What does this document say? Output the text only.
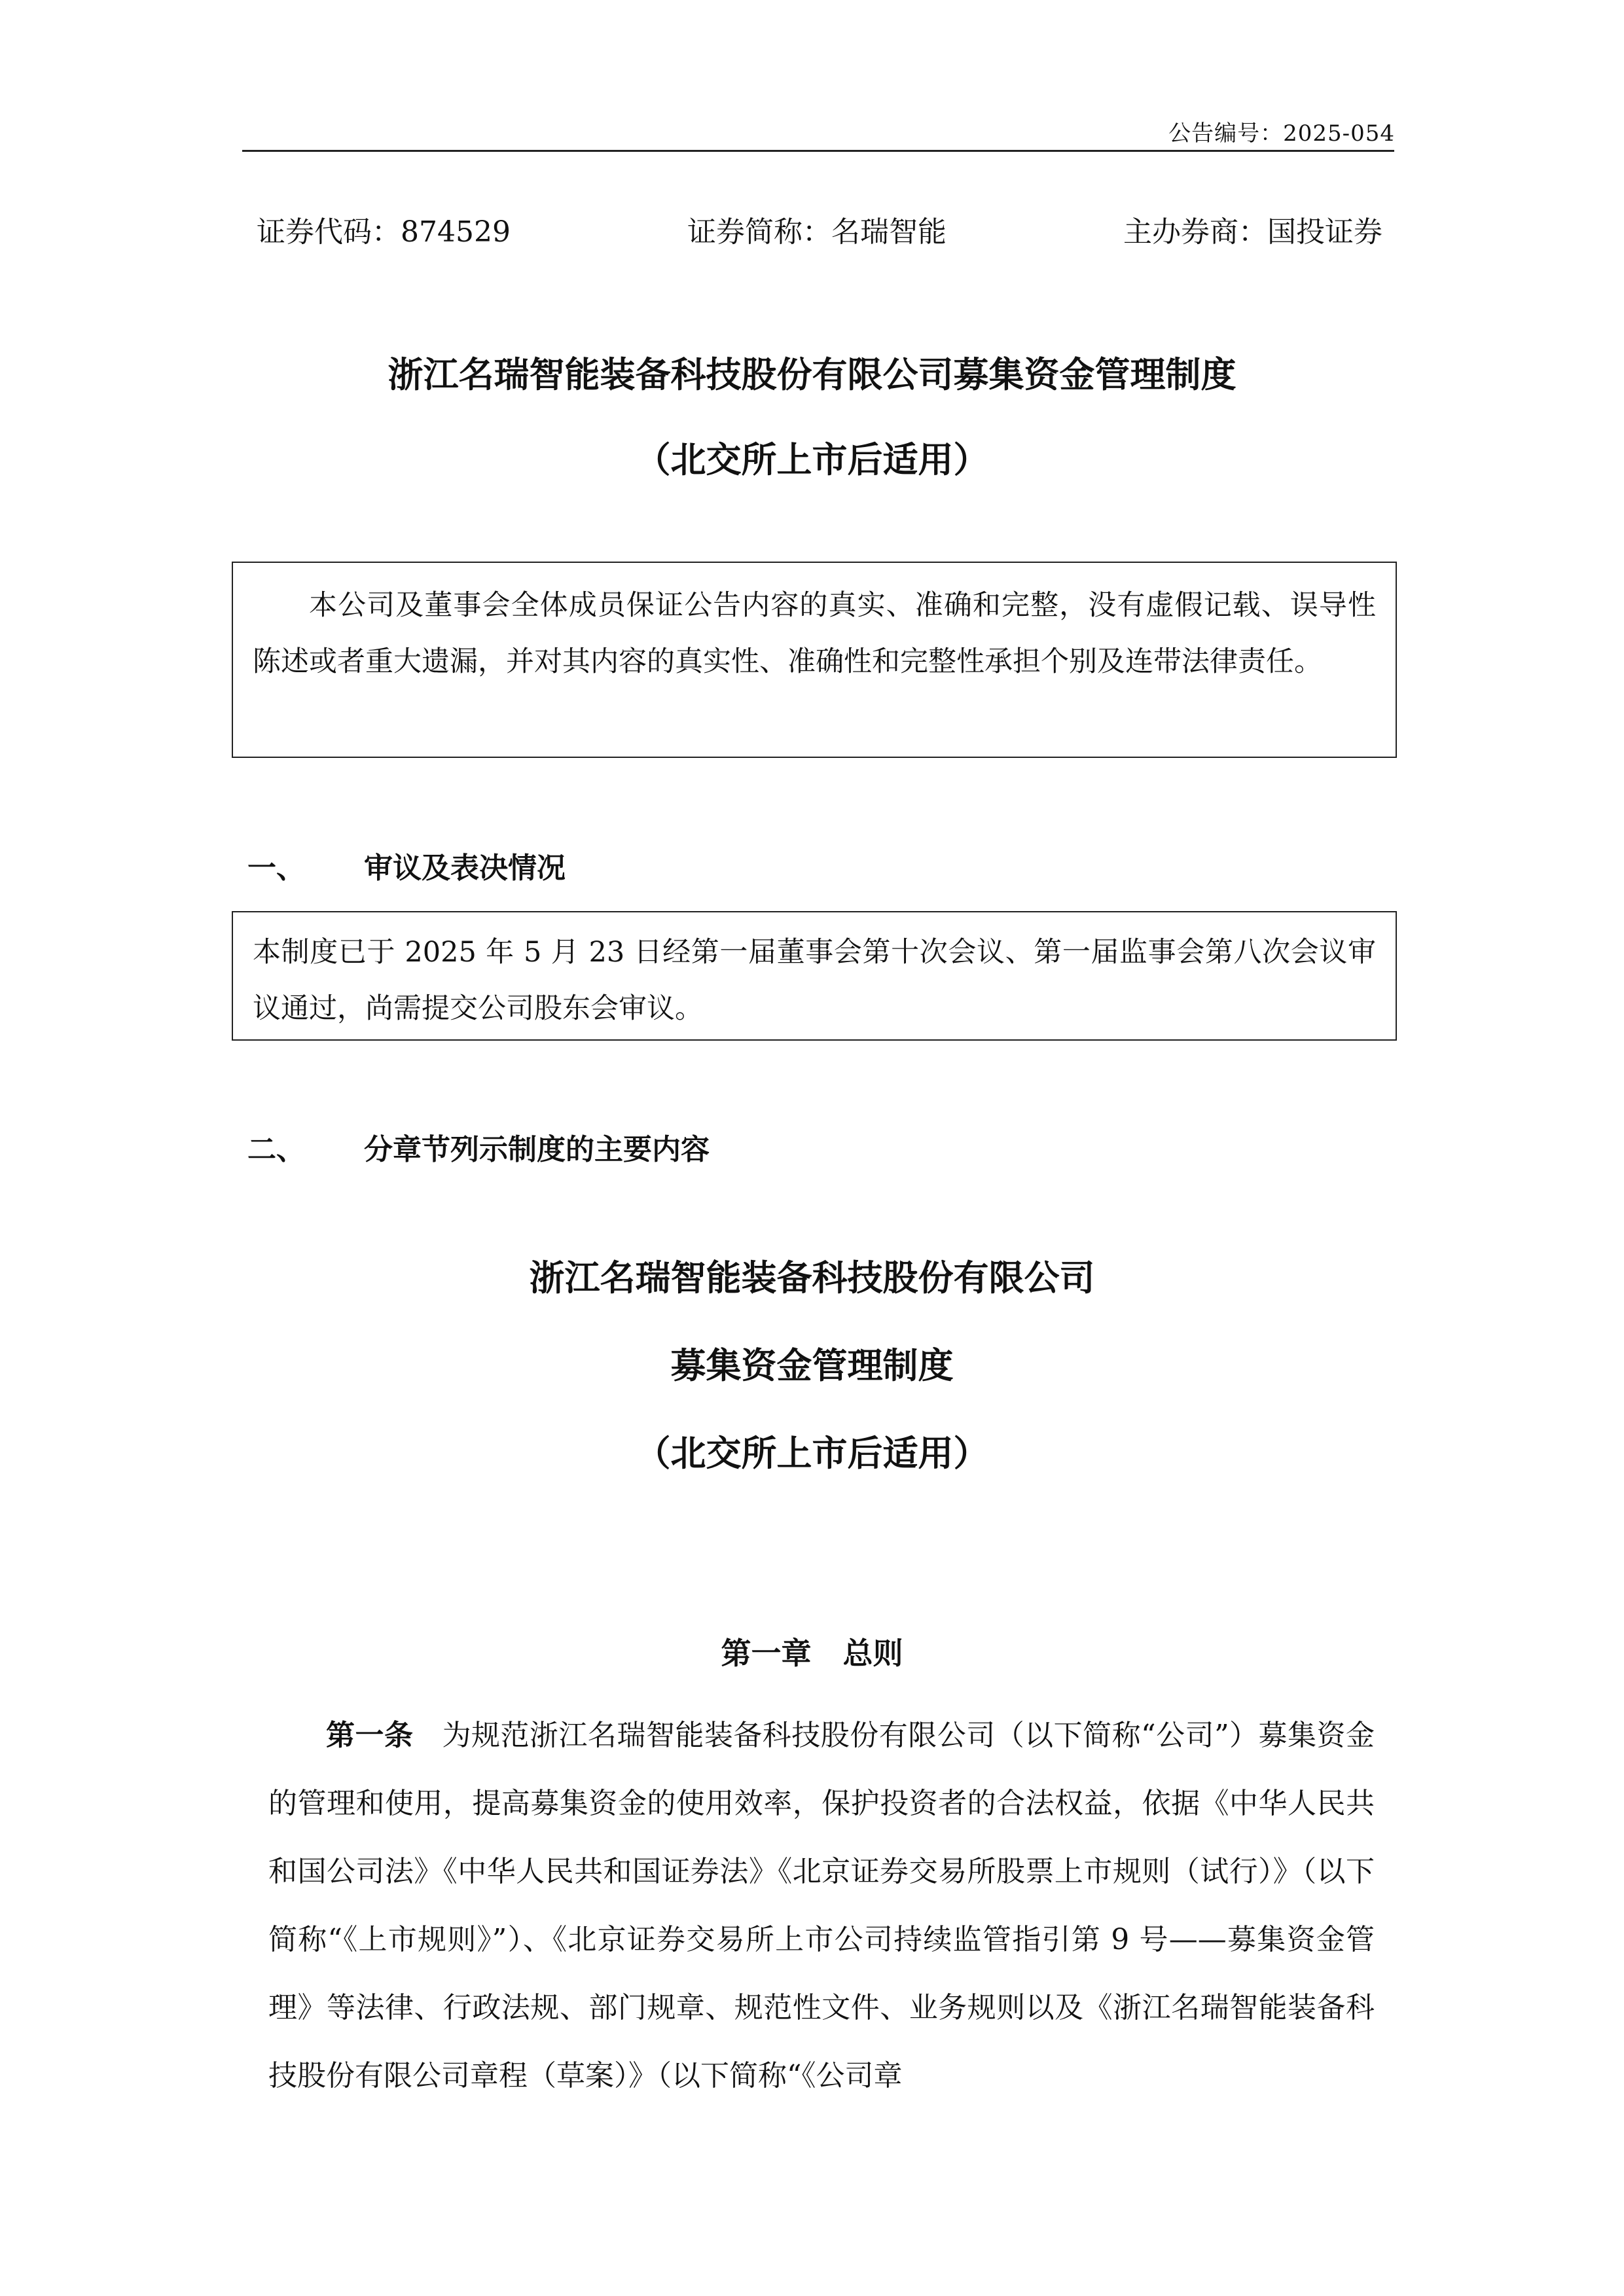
公告编号：2025-054
证券代码：874529	证券简称：名瑞智能	主办券商：国投证券
浙江名瑞智能装备科技股份有限公司募集资金管理制度
（北交所上市后适用）

本公司及董事会全体成员保证公告内容的真实、准确和完整，没有虚假记载、误导性陈述或者重大遗漏，并对其内容的真实性、准确性和完整性承担个别及连带法律责任。

一、 审议及表决情况

本制度已于 2025 年 5 月 23 日经第一届董事会第十次会议、第一届监事会第八次会议审议通过，尚需提交公司股东会审议。

二、 分章节列示制度的主要内容
浙江名瑞智能装备科技股份有限公司
募集资金管理制度
（北交所上市后适用）
第一章 总则
第一条 为规范浙江名瑞智能装备科技股份有限公司（以下简称“公司”）募集资金的管理和使用，提高募集资金的使用效率，保护投资者的合法权益，依据《中华人民共和国公司法》《中华人民共和国证券法》《北京证券交易所股票上市规则（试行）》（以下简称“《上市规则》”）、《北京证券交易所上市公司持续监管指引第 9 号——募集资金管理》等法律、行政法规、部门规章、规范性文件、业务规则以及《浙江名瑞智能装备科技股份有限公司章程（草案）》（以下简称“《公司章
